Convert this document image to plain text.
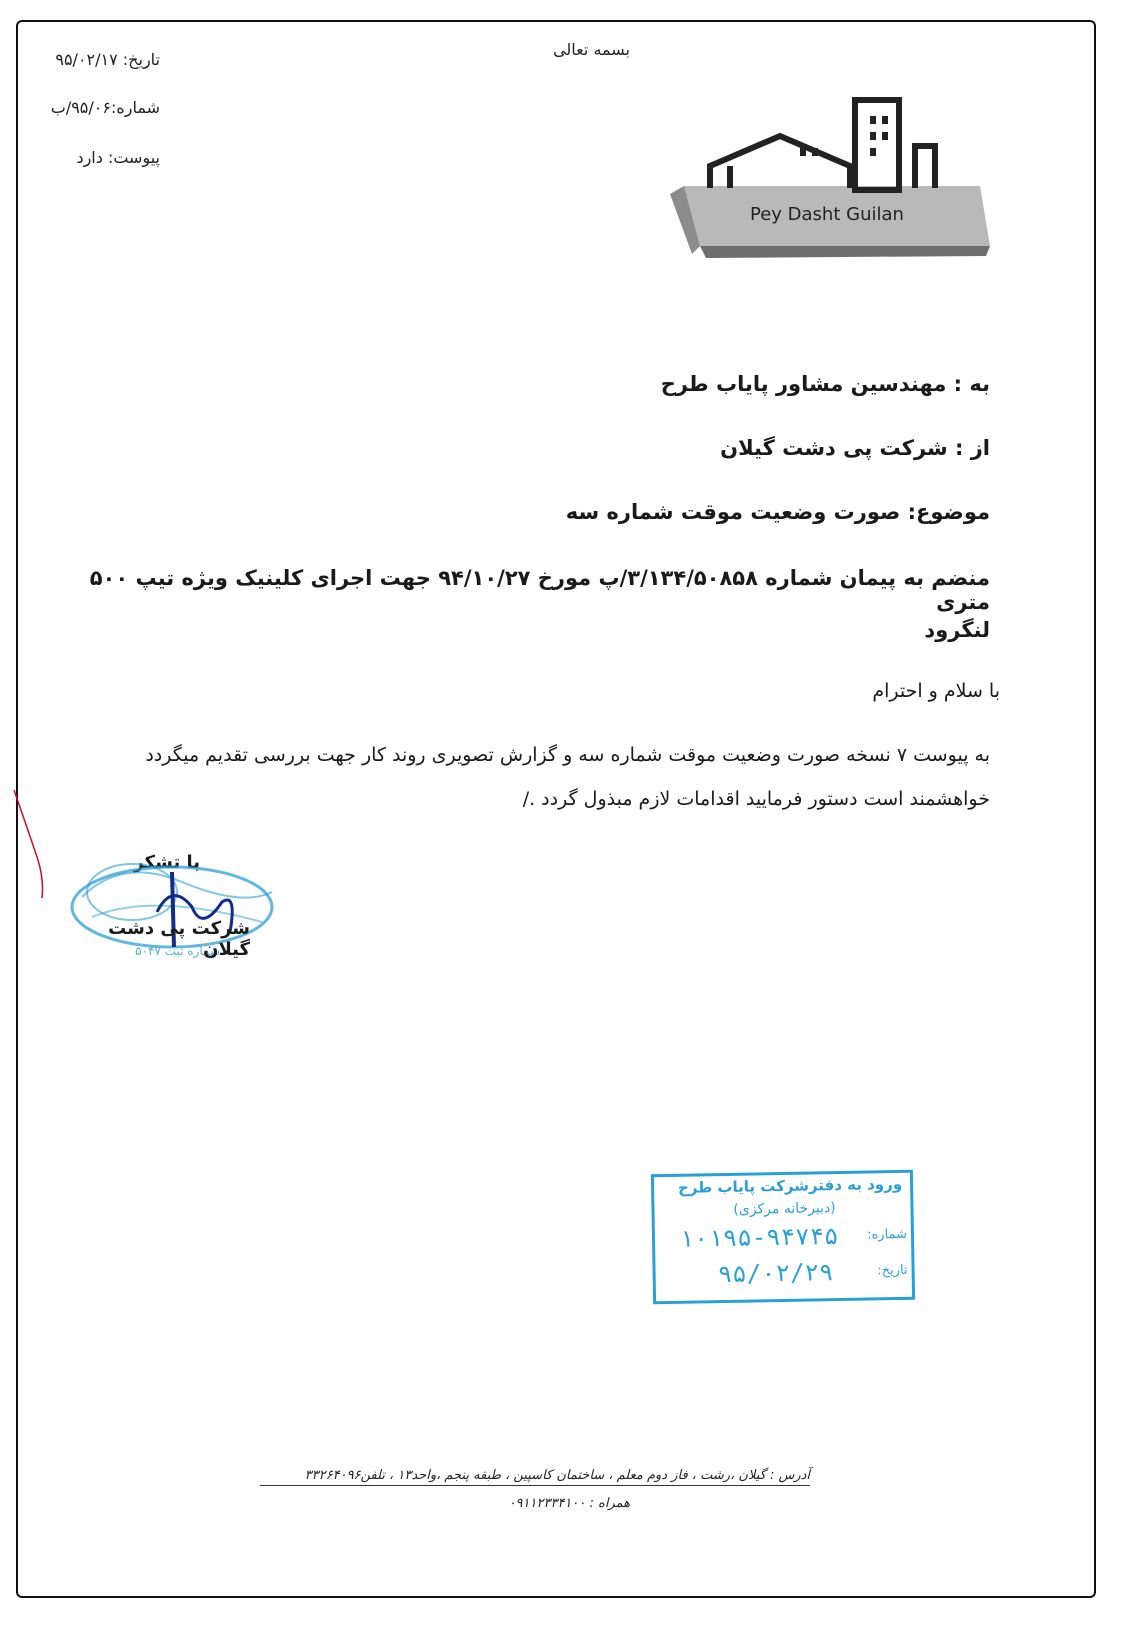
بسمه تعالی
تاریخ: ۹۵/۰۲/۱۷
شماره:۹۵/۰۶/ب
پیوست: دارد
Pey Dasht Guilan
به : مهندسین مشاور پایاب طرح
از : شرکت پی دشت گیلان
موضوع: صورت وضعیت موقت شماره سه
منضم به پیمان شماره ۳/۱۳۴/۵۰۸۵۸/پ مورخ ۹۴/۱۰/۲۷ جهت اجرای کلینیک ویژه تیپ ۵۰۰ متری
لنگرود
با سلام و احترام
به پیوست ۷ نسخه صورت وضعیت موقت شماره سه و گزارش تصویری روند کار جهت بررسی تقدیم میگردد
خواهشمند است دستور فرمایید اقدامات لازم مبذول گردد ./
با تشکر
شماره ثبت ۵۰۴۷
شرکت پی دشت گیلان
ورود به دفترشرکت پایاب طرح
(دبیرخانه مرکزی)
شماره:
۱۰۱۹۵-۹۴۷۴۵
تاریخ:
۹۵/۰۲/۲۹
آدرس : گیلان ،رشت ، فاز دوم معلم ، ساختمان کاسپین ، طبقه پنجم ،واحد۱۳ ، تلفن۳۳۲۶۴۰۹۶
همراه : ۰۹۱۱۲۳۳۴۱۰۰
